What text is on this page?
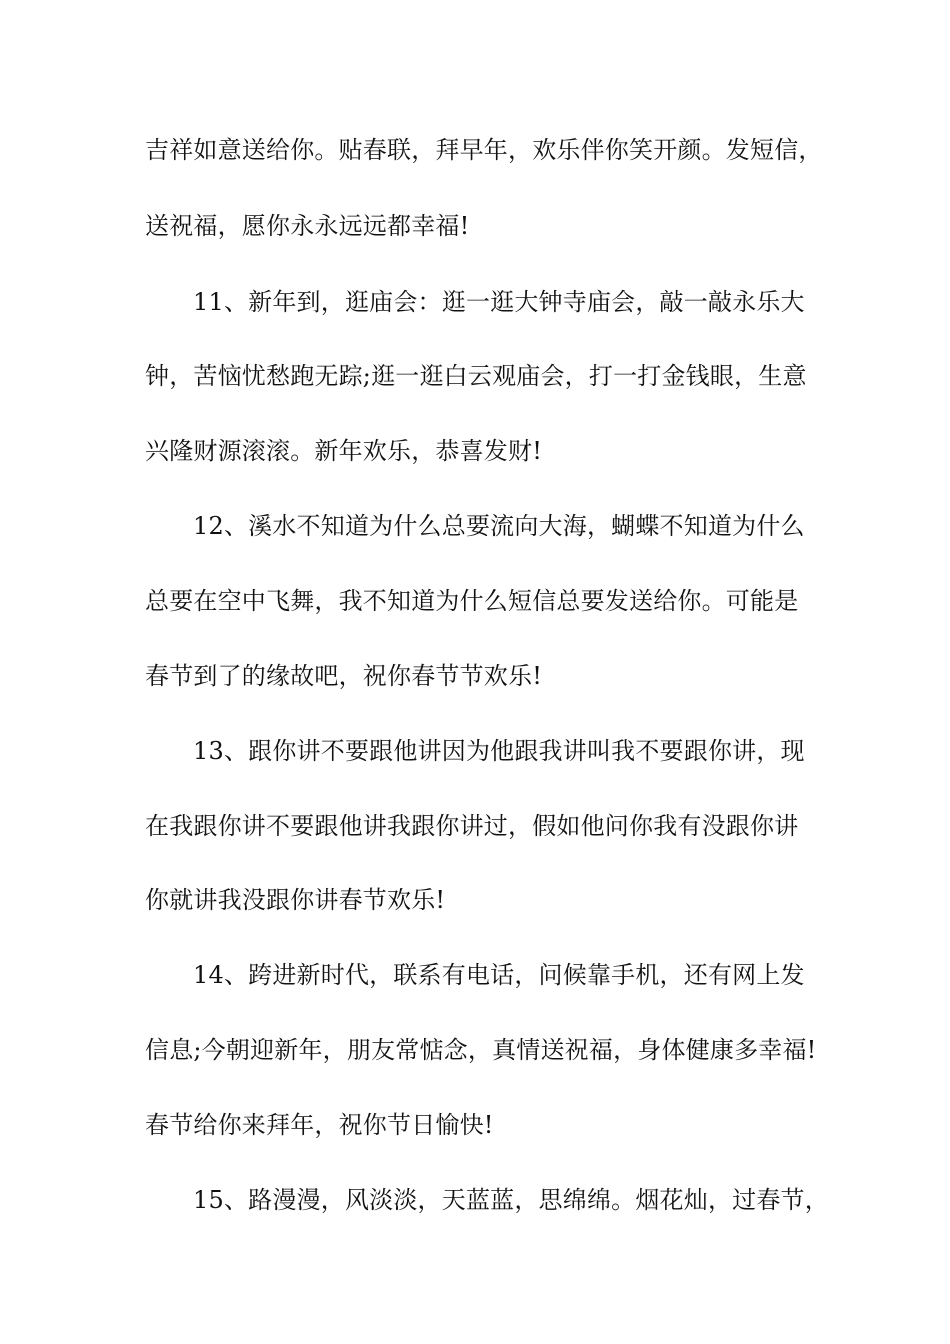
吉祥如意送给你。贴春联，拜早年，欢乐伴你笑开颜。发短信，
送祝福，愿你永永远远都幸福!
11、新年到，逛庙会：逛一逛大钟寺庙会，敲一敲永乐大
钟，苦恼忧愁跑无踪;逛一逛白云观庙会，打一打金钱眼，生意
兴隆财源滚滚。新年欢乐，恭喜发财!
12、溪水不知道为什么总要流向大海，蝴蝶不知道为什么
总要在空中飞舞，我不知道为什么短信总要发送给你。可能是
春节到了的缘故吧，祝你春节节欢乐!
13、跟你讲不要跟他讲因为他跟我讲叫我不要跟你讲，现
在我跟你讲不要跟他讲我跟你讲过，假如他问你我有没跟你讲
你就讲我没跟你讲春节欢乐!
14、跨进新时代，联系有电话，问候靠手机，还有网上发
信息;今朝迎新年，朋友常惦念，真情送祝福，身体健康多幸福!
春节给你来拜年，祝你节日愉快!
15、路漫漫，风淡淡，天蓝蓝，思绵绵。烟花灿，过春节，
